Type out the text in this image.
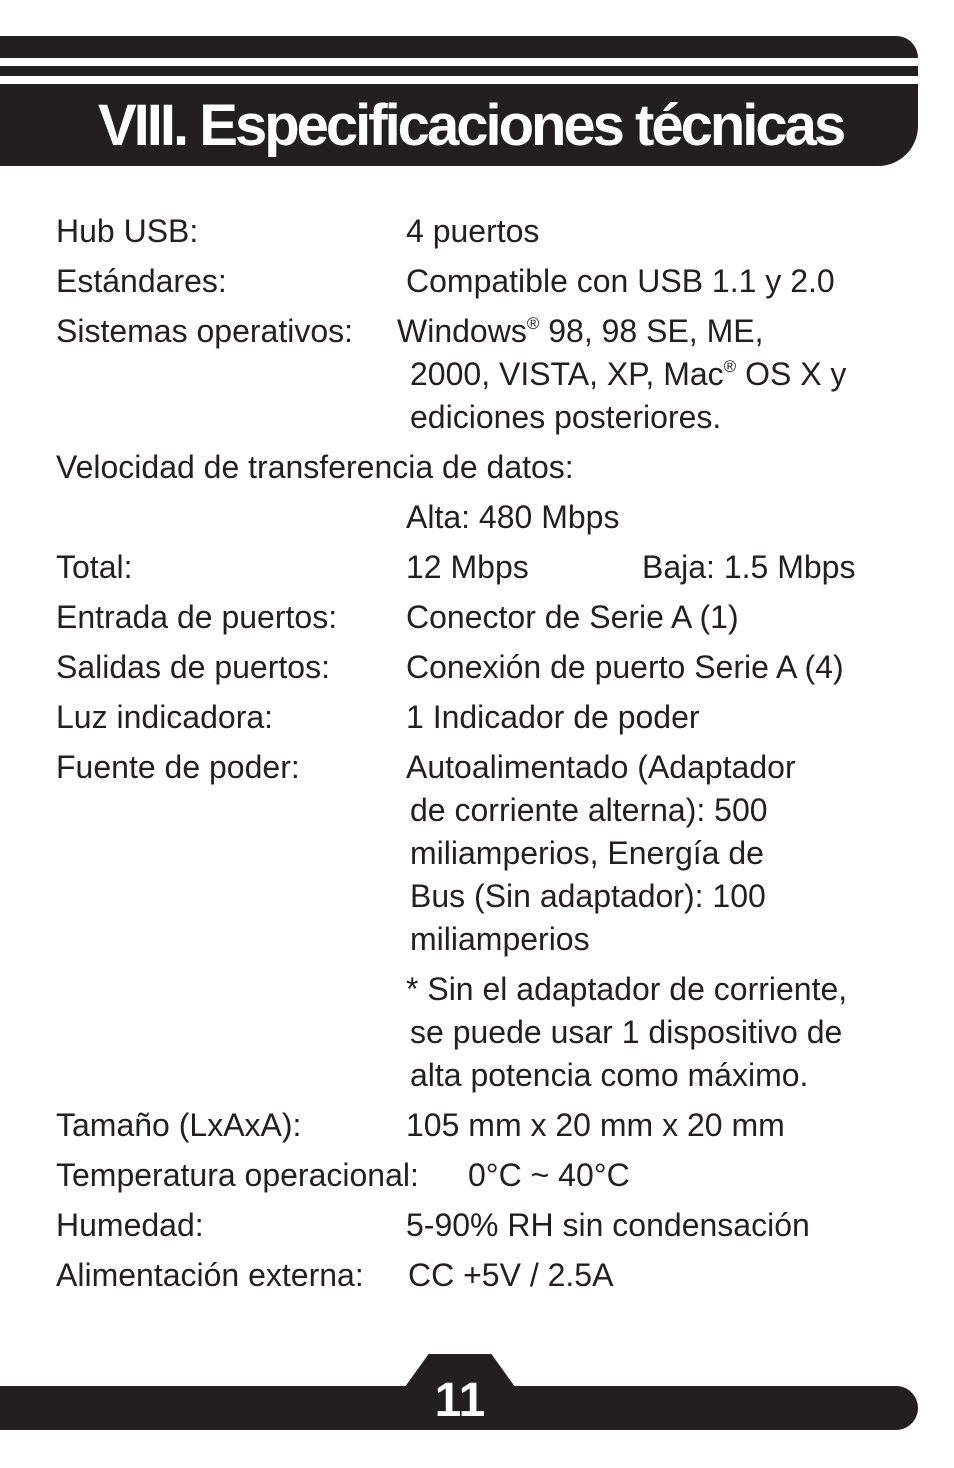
VIII. Especificaciones técnicas
Hub USB:	4 puertos
Estándares:	Compatible con USB 1.1 y 2.0
Sistemas operativos: Windows® 98, 98 SE, ME,
2000, VISTA, XP, Mac® OS X y
ediciones posteriores.
Velocidad de transferencia de datos:

Alta: 480 Mbps
Total:	12 Mbps	Baja: 1.5 Mbps
Entrada de puertos: Conector de Serie A (1)
Salidas de puertos: Conexión de puerto Serie A (4)
Luz indicadora:	1 Indicador de poder
Fuente de poder:	Autoalimentado (Adaptador
de corriente alterna): 500
miliamperios, Energía de
Bus (Sin adaptador): 100
miliamperios
* Sin el adaptador de corriente,
se puede usar 1 dispositivo de
alta potencia como máximo.
Tamaño (LxAxA):	105 mm x 20 mm x 20 mm
Temperatura operacional: 0°C ~ 40°C
Humedad:	5-90% RH sin condensación
Alimentación externa: CC +5V / 2.5A
11
